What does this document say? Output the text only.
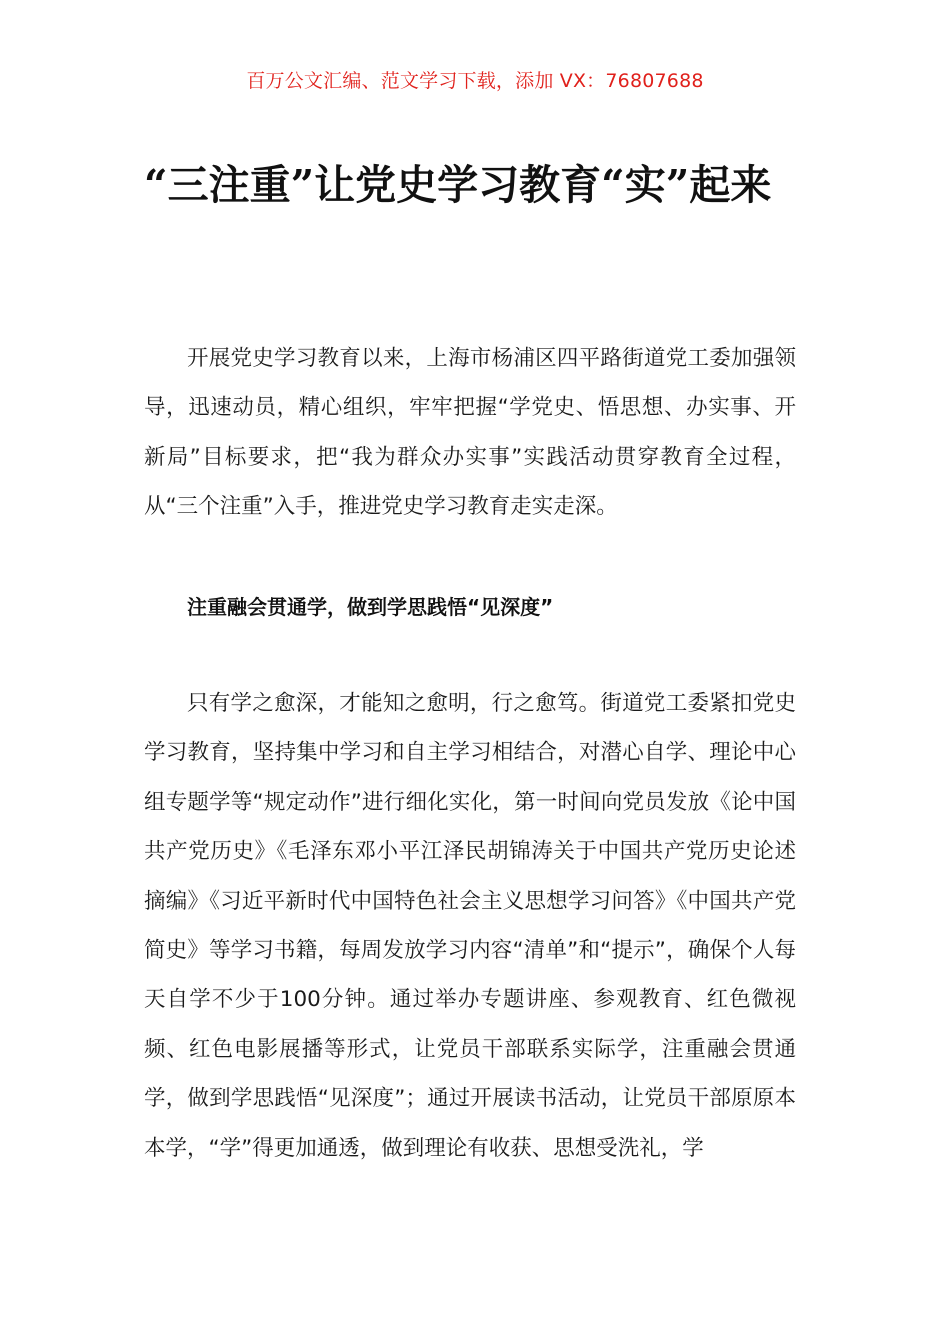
百万公文汇编、范文学习下载，添加 VX：76807688
“三注重”让党史学习教育“实”起来

开展党史学习教育以来，上海市杨浦区四平路街道党工委加强领导，迅速动员，精心组织，牢牢把握“学党史、悟思想、办实事、开新局”目标要求，把“我为群众办实事”实践活动贯穿教育全过程，从“三个注重”入手，推进党史学习教育走实走深。

注重融会贯通学，做到学思践悟“见深度”

只有学之愈深，才能知之愈明，行之愈笃。街道党工委紧扣党史学习教育，坚持集中学习和自主学习相结合，对潜心自学、理论中心组专题学等“规定动作”进行细化实化，第一时间向党员发放《论中国共产党历史》《毛泽东邓小平江泽民胡锦涛关于中国共产党历史论述摘编》《习近平新时代中国特色社会主义思想学习问答》《中国共产党简史》等学习书籍，每周发放学习内容“清单”和“提示”，确保个人每天自学不少于100分钟。通过举办专题讲座、参观教育、红色微视频、红色电影展播等形式，让党员干部联系实际学，注重融会贯通学，做到学思践悟“见深度”；通过开展读书活动，让党员干部原原本本学，“学”得更加通透，做到理论有收获、思想受洗礼，学
